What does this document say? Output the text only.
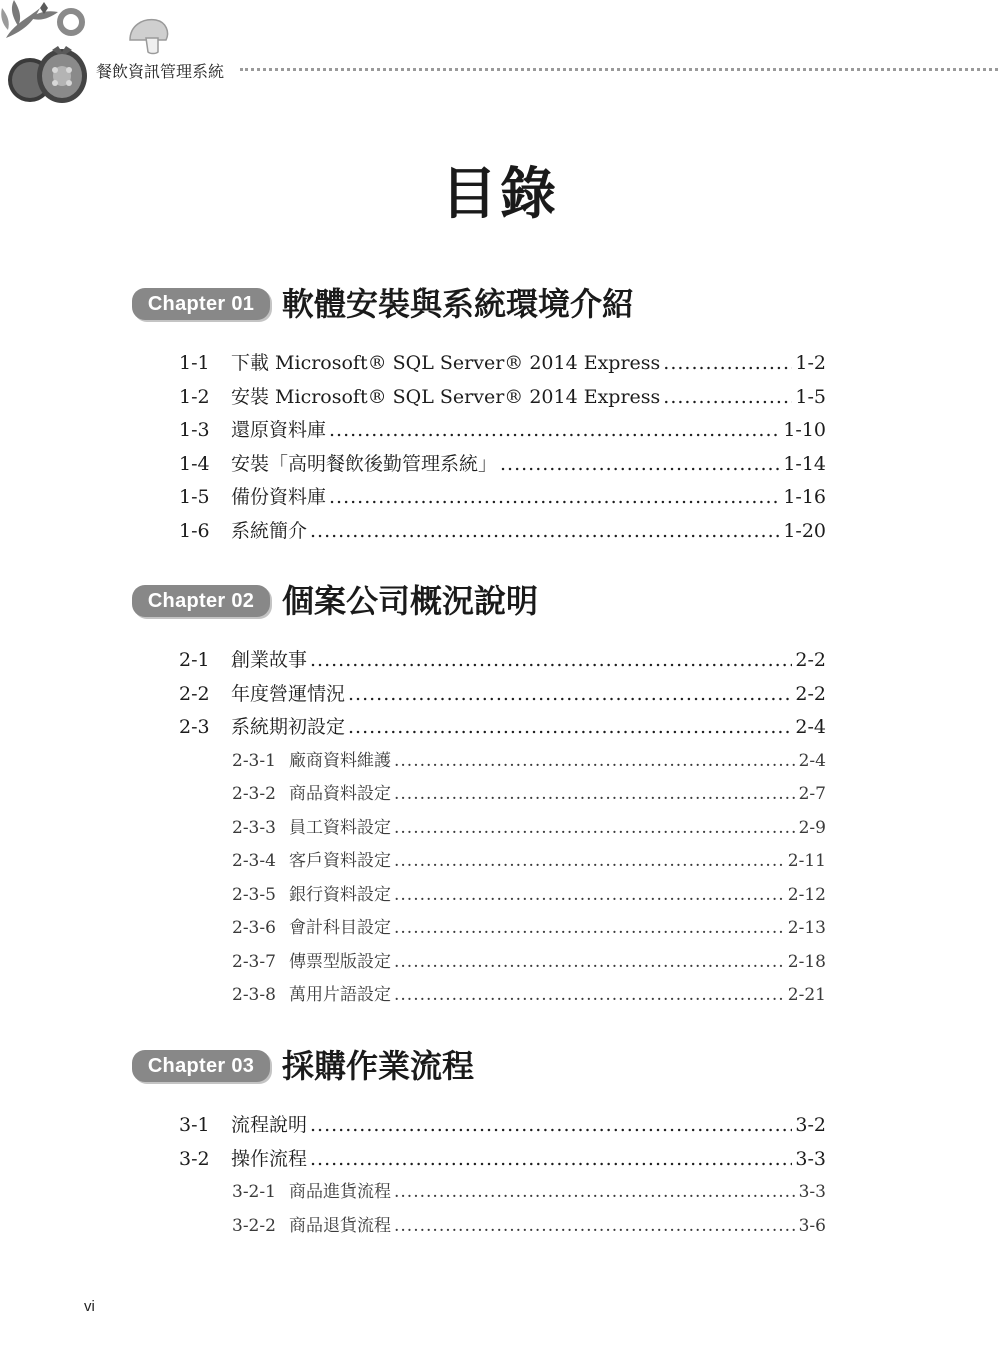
餐飲資訊管理系統
目錄
Chapter 01 軟體安裝與系統環境介紹
1-1	下載 Microsoft® SQL Server® 2014 Express .....	1-2
1-2	安裝 Microsoft® SQL Server® 2014 Express .....	1-5
1-3	還原資料庫 .....	1-10
1-4	安裝「高明餐飲後勤管理系統」 .....	1-14
1-5	備份資料庫 .....	1-16
1-6	系統簡介 .....	1-20
Chapter 02 個案公司概況說明
2-1	創業故事 .....	2-2
2-2	年度營運情況 .....	2-2
2-3	系統期初設定 .....	2-4
2-3-1 廠商資料維護 .....	2-4
2-3-2 商品資料設定 .....	2-7
2-3-3 員工資料設定 .....	2-9
2-3-4 客戶資料設定 .....	2-11
2-3-5 銀行資料設定 .....	2-12
2-3-6 會計科目設定 .....	2-13
2-3-7 傳票型版設定 .....	2-18
2-3-8 萬用片語設定 .....	2-21
Chapter 03 採購作業流程
3-1	流程說明 .....	3-2
3-2	操作流程 .....	3-3
3-2-1 商品進貨流程 .....	3-3
3-2-2 商品退貨流程 .....	3-6
vi
